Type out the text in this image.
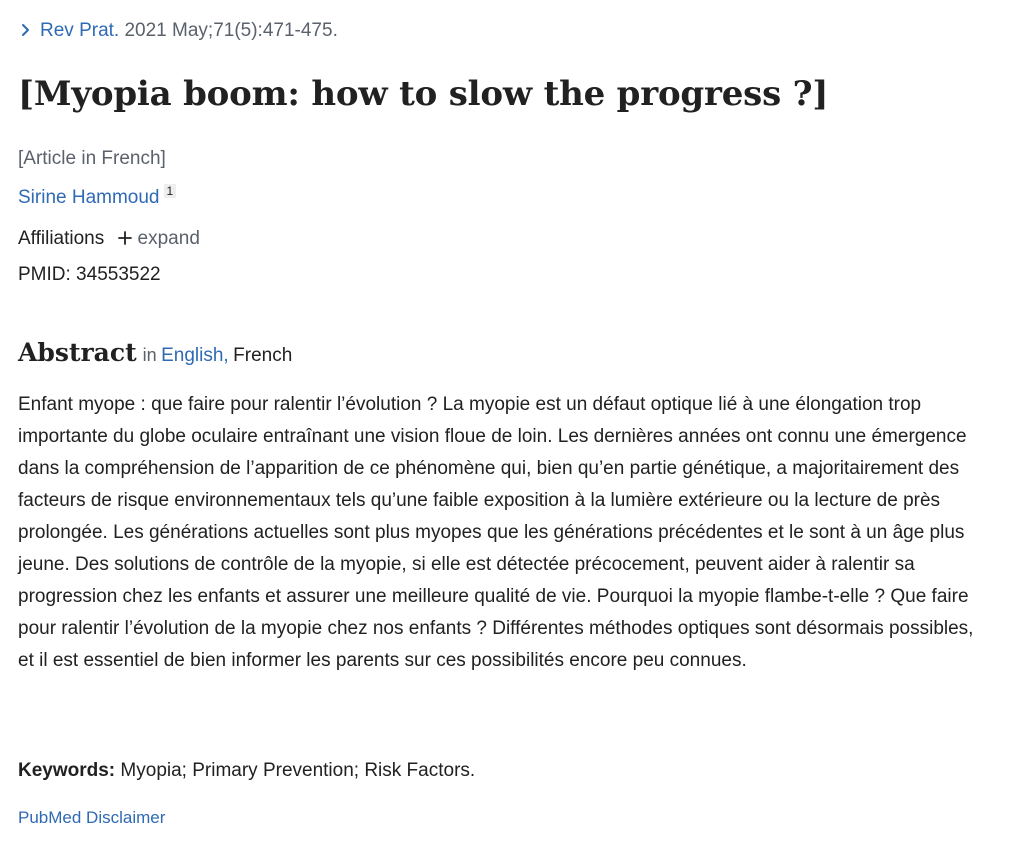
Rev Prat. 2021 May;71(5):471-475.
[Myopia boom: how to slow the progress ?]
[Article in French]
Sirine Hammoud $^1$
Affiliations expand
PMID: 34553522
Abstract in English, French

Enfant myope : que faire pour ralentir l’évolution ? La myopie est un défaut optique lié à une élongation trop importante du globe oculaire entraînant une vision floue de loin. Les dernières années ont connu une émergence dans la compréhension de l’apparition de ce phénomène qui, bien qu’en partie génétique, a majoritairement des facteurs de risque environnementaux tels qu’une faible exposition à la lumière extérieure ou la lecture de près prolongée. Les générations actuelles sont plus myopes que les générations précédentes et le sont à un âge plus jeune. Des solutions de contrôle de la myopie, si elle est détectée précocement, peuvent aider à ralentir sa progression chez les enfants et assurer une meilleure qualité de vie. Pourquoi la myopie flambe-t-elle ? Que faire pour ralentir l’évolution de la myopie chez nos enfants ? Différentes méthodes optiques sont désormais possibles, et il est essentiel de bien informer les parents sur ces possibilités encore peu connues.

Keywords: Myopia; Primary Prevention; Risk Factors.
PubMed Disclaimer
